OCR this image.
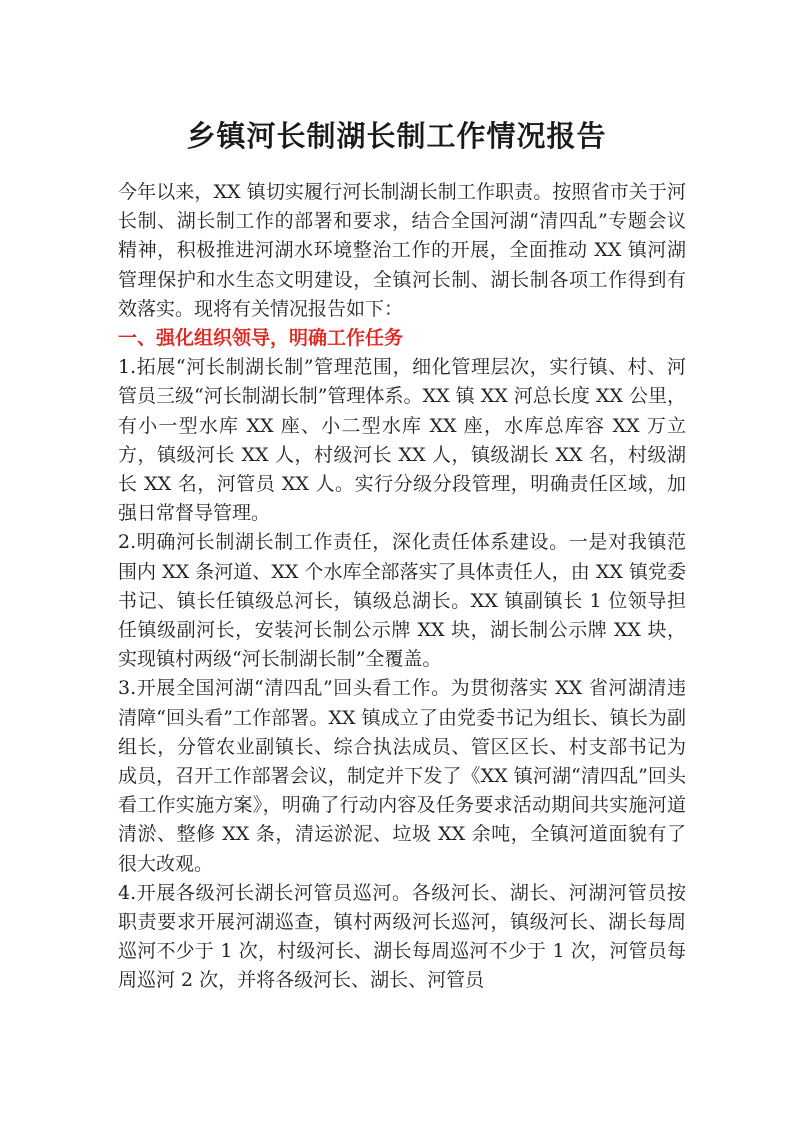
乡镇河长制湖长制工作情况报告

今年以来，XX 镇切实履行河长制湖长制工作职责。按照省市关于河长制、湖长制工作的部署和要求，结合全国河湖“清四乱”专题会议精神，积极推进河湖水环境整治工作的开展，全面推动 XX 镇河湖管理保护和水生态文明建设，全镇河长制、湖长制各项工作得到有效落实。现将有关情况报告如下：

一、强化组织领导，明确工作任务

1.拓展“河长制湖长制”管理范围，细化管理层次，实行镇、村、河管员三级“河长制湖长制”管理体系。XX 镇 XX 河总长度 XX 公里，有小一型水库 XX 座、小二型水库 XX 座，水库总库容 XX 万立方，镇级河长 XX 人，村级河长 XX 人，镇级湖长 XX 名，村级湖长 XX 名，河管员 XX 人。实行分级分段管理，明确责任区域，加强日常督导管理。

2.明确河长制湖长制工作责任，深化责任体系建设。一是对我镇范围内 XX 条河道、XX 个水库全部落实了具体责任人，由 XX 镇党委书记、镇长任镇级总河长，镇级总湖长。XX 镇副镇长 1 位领导担任镇级副河长，安装河长制公示牌 XX 块，湖长制公示牌 XX 块，实现镇村两级“河长制湖长制”全覆盖。

3.开展全国河湖“清四乱”回头看工作。为贯彻落实 XX 省河湖清违清障“回头看”工作部署。XX 镇成立了由党委书记为组长、镇长为副组长，分管农业副镇长、综合执法成员、管区区长、村支部书记为成员，召开工作部署会议，制定并下发了《XX 镇河湖“清四乱”回头看工作实施方案》，明确了行动内容及任务要求活动期间共实施河道清淤、整修 XX 条，清运淤泥、垃圾 XX 余吨，全镇河道面貌有了很大改观。

4.开展各级河长湖长河管员巡河。各级河长、湖长、河湖河管员按职责要求开展河湖巡查，镇村两级河长巡河，镇级河长、湖长每周巡河不少于 1 次，村级河长、湖长每周巡河不少于 1 次，河管员每周巡河 2 次，并将各级河长、湖长、河管员
